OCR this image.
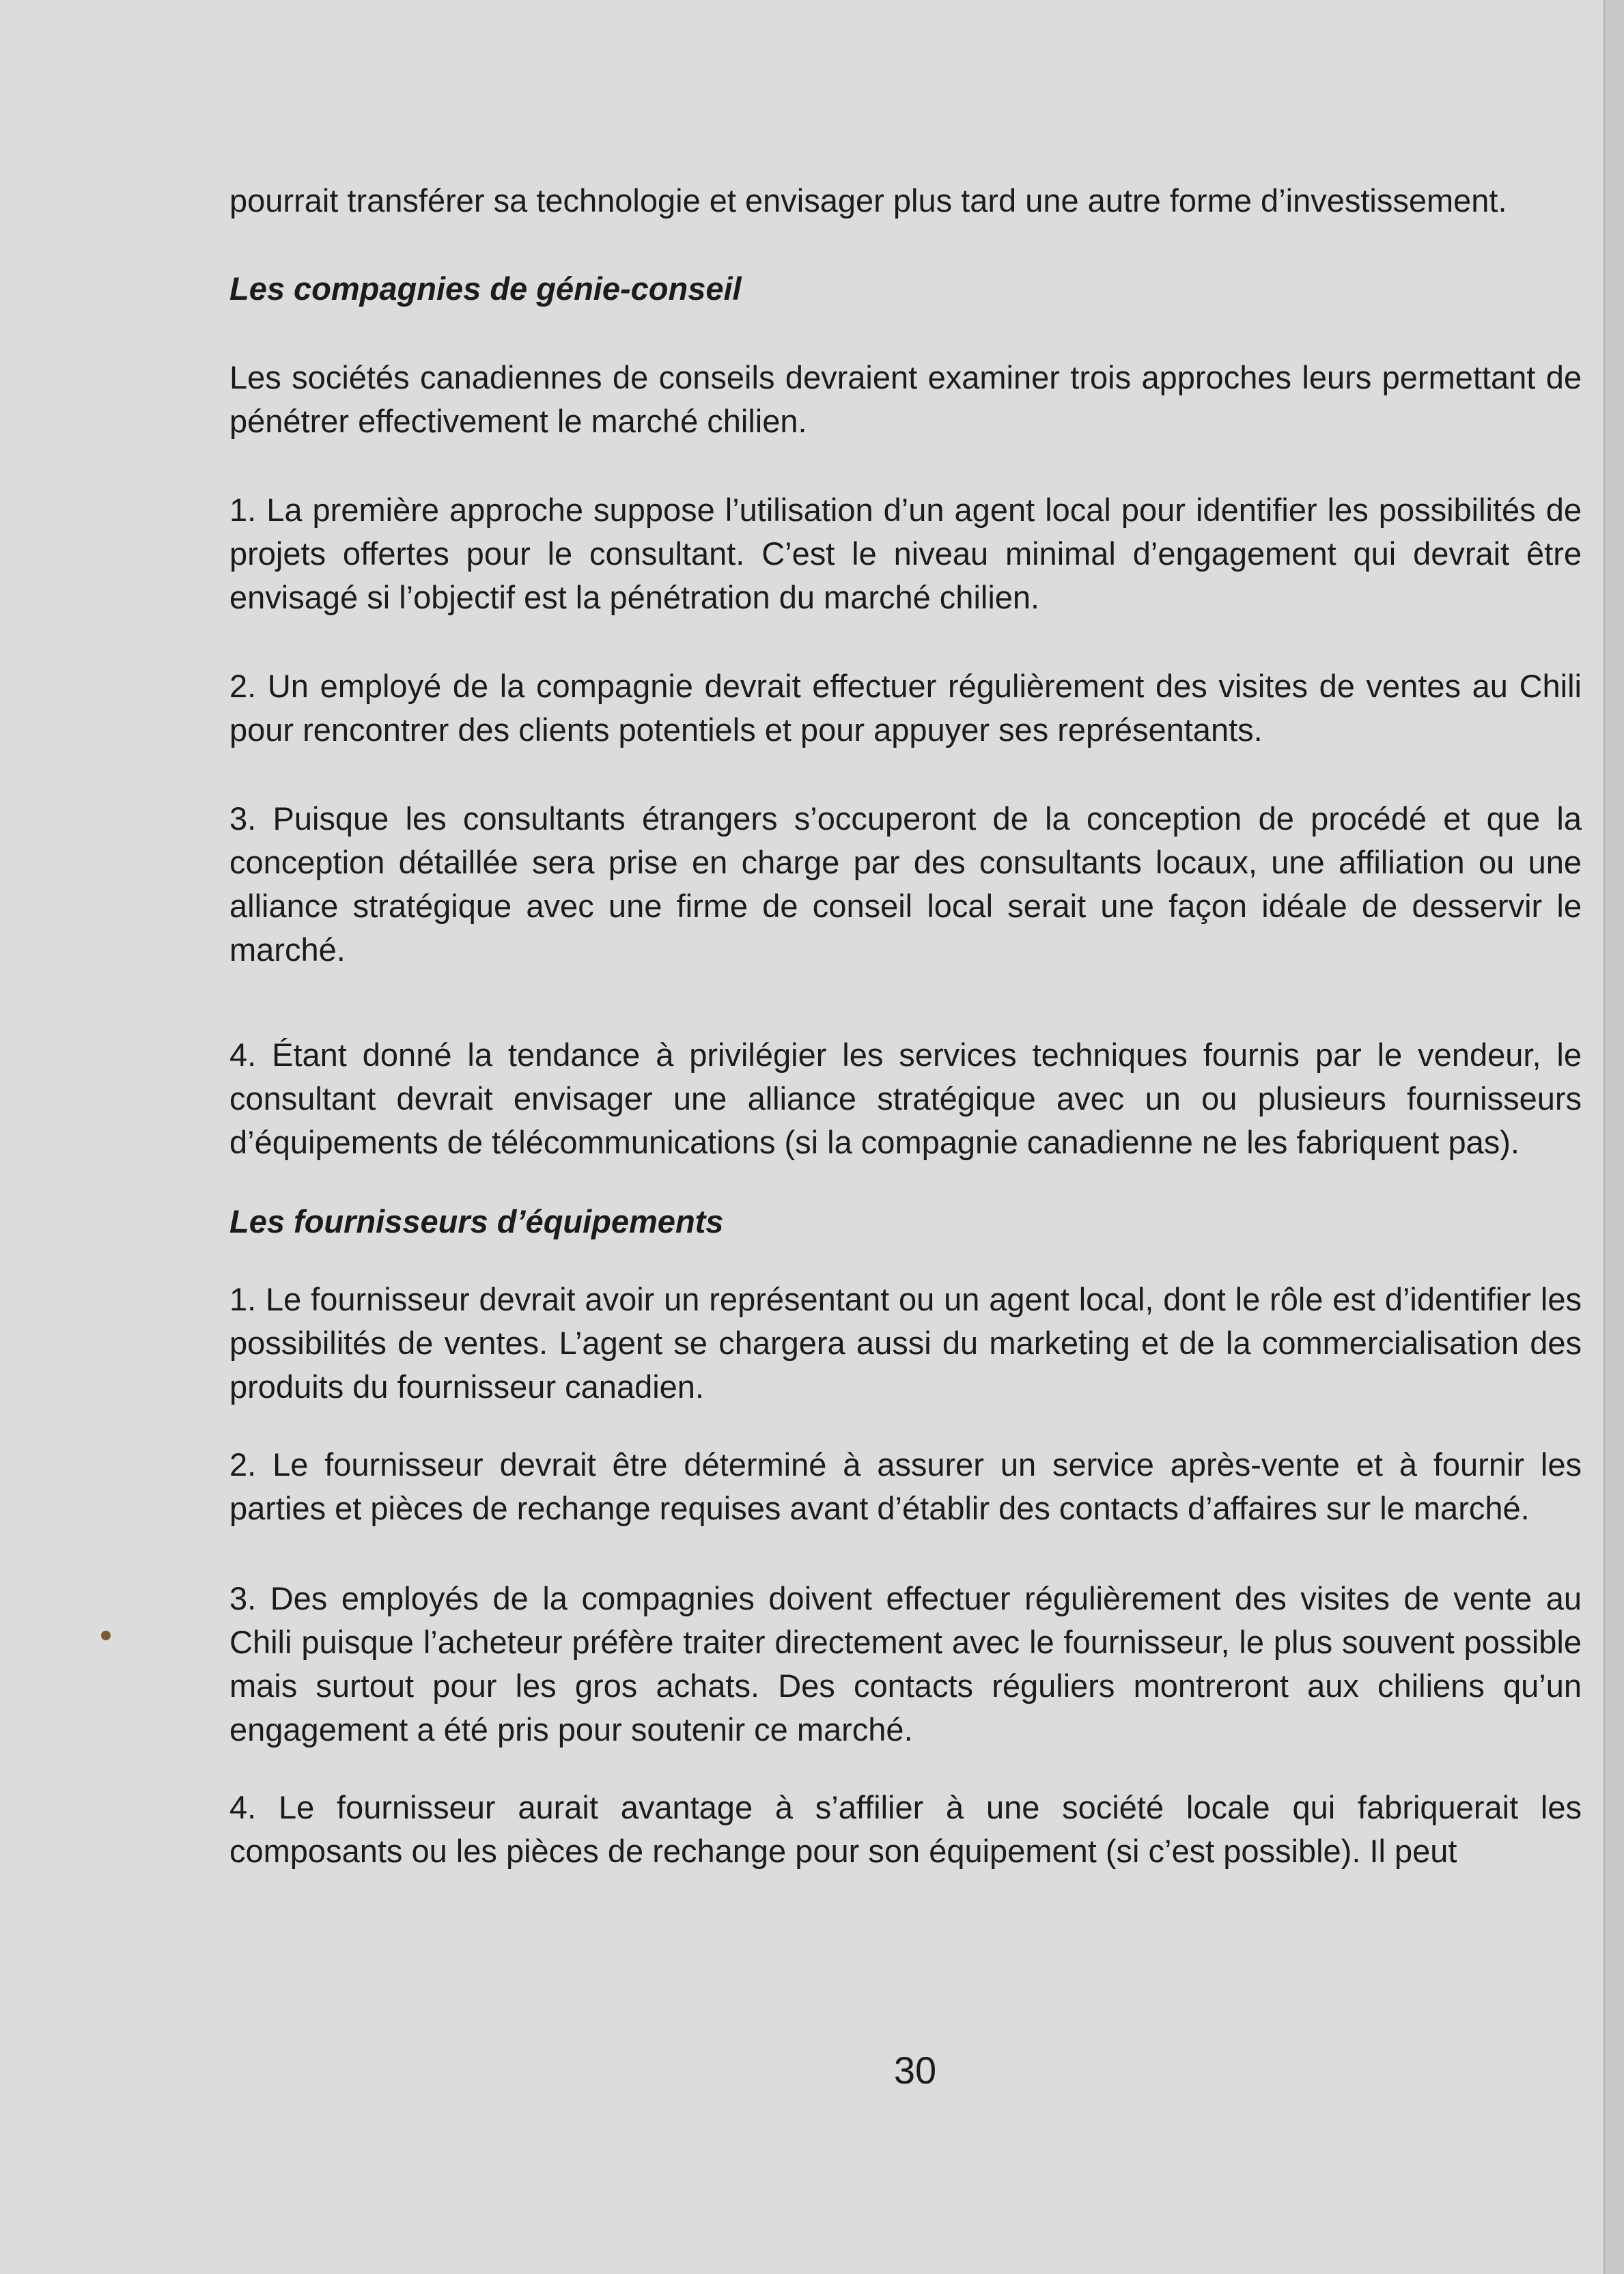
pourrait transférer sa technologie et envisager plus tard une autre forme d’investissement.

Les compagnies de génie-conseil

Les sociétés canadiennes de conseils devraient examiner trois approches leurs permettant de pénétrer effectivement le marché chilien.

1. La première approche suppose l’utilisation d’un agent local pour identifier les possibilités de projets offertes pour le consultant. C’est le niveau minimal d’engagement qui devrait être envisagé si l’objectif est la pénétration du marché chilien.

2. Un employé de la compagnie devrait effectuer régulièrement des visites de ventes au Chili pour rencontrer des clients potentiels et pour appuyer ses représentants.

3. Puisque les consultants étrangers s’occuperont de la conception de procédé et que la conception détaillée sera prise en charge par des consultants locaux, une affiliation ou une alliance stratégique avec une firme de conseil local serait une façon idéale de desservir le marché.

4. Étant donné la tendance à privilégier les services techniques fournis par le vendeur, le consultant devrait envisager une alliance stratégique avec un ou plusieurs fournisseurs d’équipements de télécommunications (si la compagnie canadienne ne les fabriquent pas).

Les fournisseurs d’équipements

1. Le fournisseur devrait avoir un représentant ou un agent local, dont le rôle est d’identifier les possibilités de ventes. L’agent se chargera aussi du marketing et de la commercialisation des produits du fournisseur canadien.

2. Le fournisseur devrait être déterminé à assurer un service après-vente et à fournir les parties et pièces de rechange requises avant d’établir des contacts d’affaires sur le marché.

3. Des employés de la compagnies doivent effectuer régulièrement des visites de vente au Chili puisque l’acheteur préfère traiter directement avec le fournisseur, le plus souvent possible mais surtout pour les gros achats. Des contacts réguliers montreront aux chiliens qu’un engagement a été pris pour soutenir ce marché.

4. Le fournisseur aurait avantage à s’affilier à une société locale qui fabriquerait les composants ou les pièces de rechange pour son équipement (si c’est possible). Il peut

30
